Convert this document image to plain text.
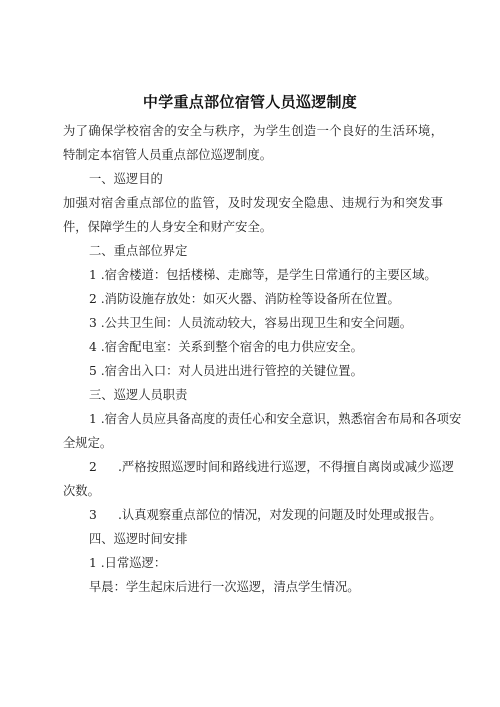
中学重点部位宿管人员巡逻制度
为了确保学校宿舍的安全与秩序，为学生创造一个良好的生活环境，
特制定本宿管人员重点部位巡逻制度。
一、巡逻目的
加强对宿舍重点部位的监管，及时发现安全隐患、违规行为和突发事
件，保障学生的人身安全和财产安全。
二、重点部位界定
1 .宿舍楼道：包括楼梯、走廊等，是学生日常通行的主要区域。
2 .消防设施存放处：如灭火器、消防栓等设备所在位置。
3 .公共卫生间：人员流动较大，容易出现卫生和安全问题。
4 .宿舍配电室：关系到整个宿舍的电力供应安全。
5 .宿舍出入口：对人员进出进行管控的关键位置。
三、巡逻人员职责
1 .宿舍人员应具备高度的责任心和安全意识，熟悉宿舍布局和各项安
全规定。
2 .严格按照巡逻时间和路线进行巡逻，不得擅自离岗或减少巡逻
次数。
3 .认真观察重点部位的情况，对发现的问题及时处理或报告。
四、巡逻时间安排
1 .日常巡逻：
早晨：学生起床后进行一次巡逻，清点学生情况。
